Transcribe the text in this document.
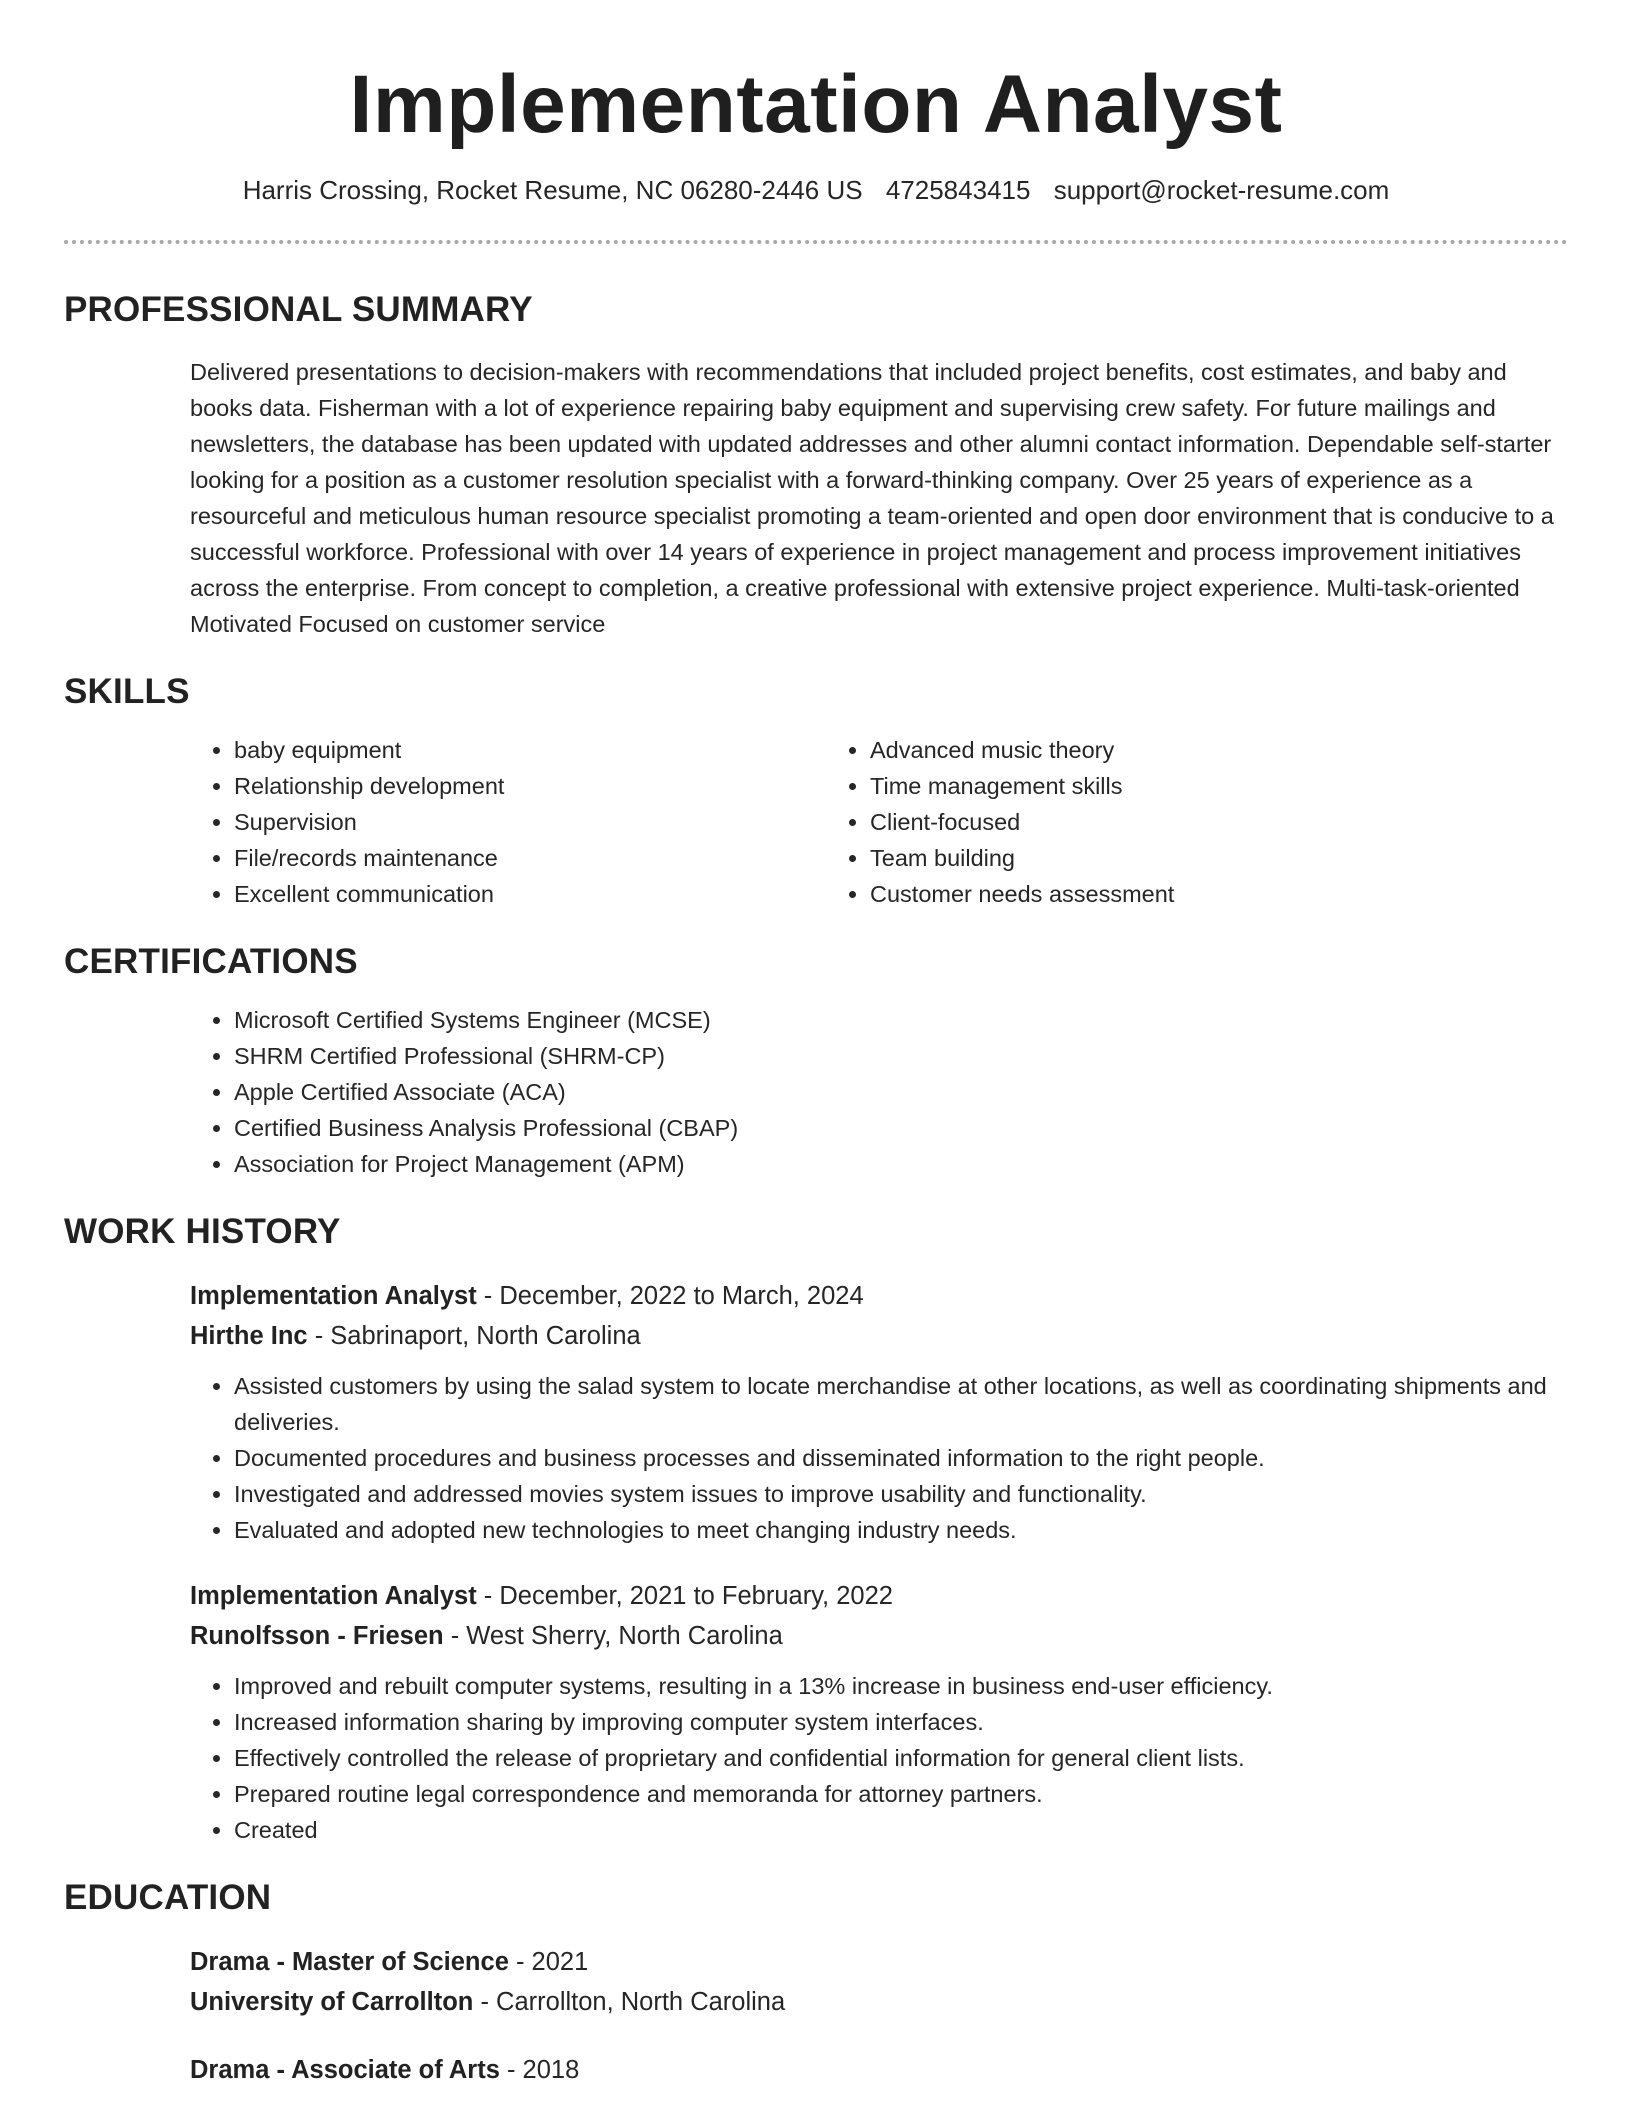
Implementation Analyst
Harris Crossing, Rocket Resume, NC 06280-2446 US 4725843415 support@rocket-resume.com
PROFESSIONAL SUMMARY

Delivered presentations to decision-makers with recommendations that included project benefits, cost estimates, and baby and books data. Fisherman with a lot of experience repairing baby equipment and supervising crew safety. For future mailings and newsletters, the database has been updated with updated addresses and other alumni contact information. Dependable self-starter looking for a position as a customer resolution specialist with a forward-thinking company. Over 25 years of experience as a resourceful and meticulous human resource specialist promoting a team-oriented and open door environment that is conducive to a successful workforce. Professional with over 14 years of experience in project management and process improvement initiatives across the enterprise. From concept to completion, a creative professional with extensive project experience. Multi-task-oriented Motivated Focused on customer service

SKILLS
• baby equipment
• Relationship development
• Supervision
• File/records maintenance
• Excellent communication
• Advanced music theory
• Time management skills
• Client-focused
• Team building
• Customer needs assessment
CERTIFICATIONS
• Microsoft Certified Systems Engineer (MCSE)
• SHRM Certified Professional (SHRM-CP)
• Apple Certified Associate (ACA)
• Certified Business Analysis Professional (CBAP)
• Association for Project Management (APM)
WORK HISTORY
Implementation Analyst - December, 2022 to March, 2024
Hirthe Inc - Sabrinaport, North Carolina
• Assisted customers by using the salad system to locate merchandise at other locations, as well as coordinating shipments and deliveries.
• Documented procedures and business processes and disseminated information to the right people.
• Investigated and addressed movies system issues to improve usability and functionality.
• Evaluated and adopted new technologies to meet changing industry needs.
Implementation Analyst - December, 2021 to February, 2022
Runolfsson - Friesen - West Sherry, North Carolina
• Improved and rebuilt computer systems, resulting in a 13% increase in business end-user efficiency.
• Increased information sharing by improving computer system interfaces.
• Effectively controlled the release of proprietary and confidential information for general client lists.
• Prepared routine legal correspondence and memoranda for attorney partners.
• Created
EDUCATION
Drama - Master of Science - 2021
University of Carrollton - Carrollton, North Carolina
Drama - Associate of Arts - 2018
